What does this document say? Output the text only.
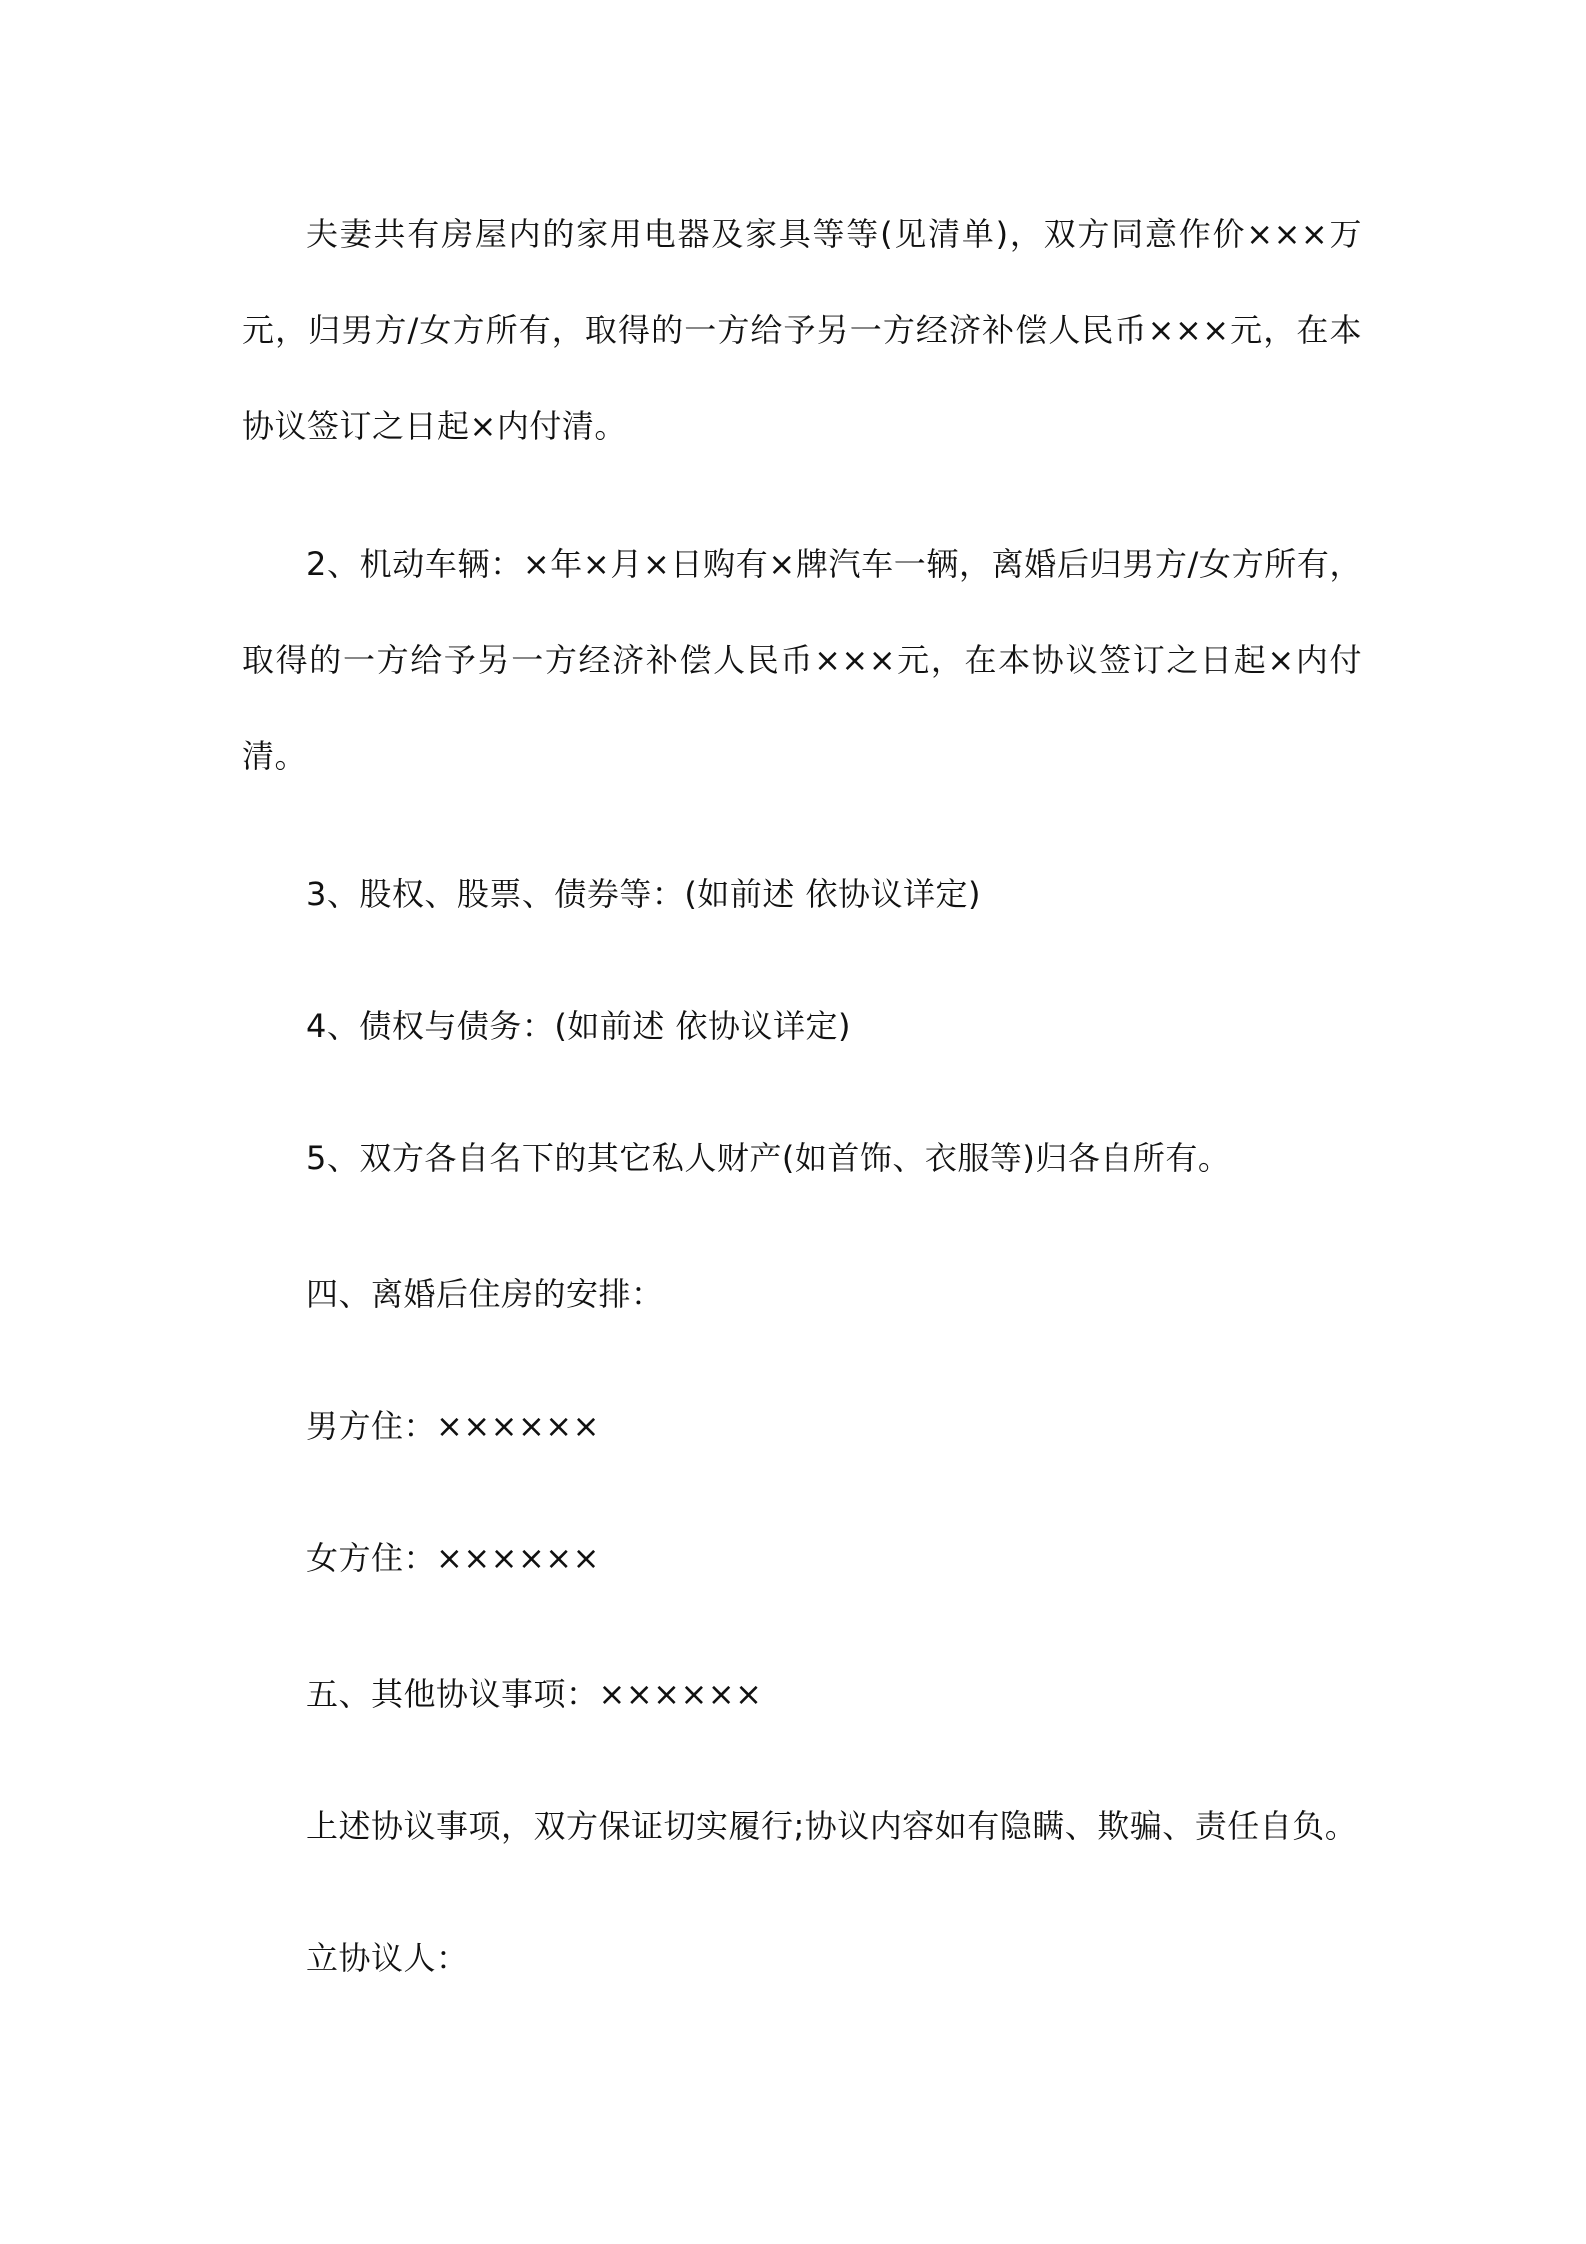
夫妻共有房屋内的家用电器及家具等等(见清单)，双方同意作价×××万元，归男方/女方所有，取得的一方给予另一方经济补偿人民币×××元，在本协议签订之日起×内付清。

2、机动车辆：×年×月×日购有×牌汽车一辆，离婚后归男方/女方所有，取得的一方给予另一方经济补偿人民币×××元，在本协议签订之日起×内付清。

3、股权、股票、债券等：(如前述 依协议详定)

4、债权与债务：(如前述 依协议详定)

5、双方各自名下的其它私人财产(如首饰、衣服等)归各自所有。

四、离婚后住房的安排：

男方住：××××××

女方住：××××××

五、其他协议事项：××××××

上述协议事项，双方保证切实履行;协议内容如有隐瞒、欺骗、责任自负。

立协议人：
